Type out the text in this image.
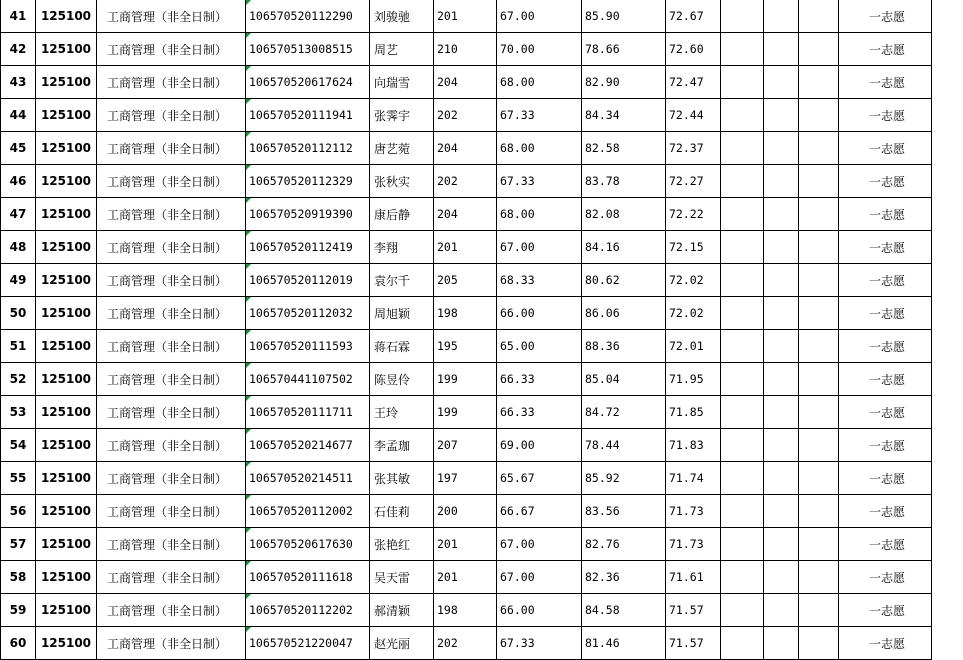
41	125100	工商管理（非全日制）	106570520112290	刘骏驰	201	67.00	85.90	72.67				一志愿
42	125100	工商管理（非全日制）	106570513008515	周艺	210	70.00	78.66	72.60				一志愿
43	125100	工商管理（非全日制）	106570520617624	向瑞雪	204	68.00	82.90	72.47				一志愿
44	125100	工商管理（非全日制）	106570520111941	张霁宇	202	67.33	84.34	72.44				一志愿
45	125100	工商管理（非全日制）	106570520112112	唐艺菀	204	68.00	82.58	72.37				一志愿
46	125100	工商管理（非全日制）	106570520112329	张秋实	202	67.33	83.78	72.27				一志愿
47	125100	工商管理（非全日制）	106570520919390	康后静	204	68.00	82.08	72.22				一志愿
48	125100	工商管理（非全日制）	106570520112419	李翔	201	67.00	84.16	72.15				一志愿
49	125100	工商管理（非全日制）	106570520112019	袁尔千	205	68.33	80.62	72.02				一志愿
50	125100	工商管理（非全日制）	106570520112032	周旭颖	198	66.00	86.06	72.02				一志愿
51	125100	工商管理（非全日制）	106570520111593	蒋石霖	195	65.00	88.36	72.01				一志愿
52	125100	工商管理（非全日制）	106570441107502	陈昱伶	199	66.33	85.04	71.95				一志愿
53	125100	工商管理（非全日制）	106570520111711	王玲	199	66.33	84.72	71.85				一志愿
54	125100	工商管理（非全日制）	106570520214677	李孟珈	207	69.00	78.44	71.83				一志愿
55	125100	工商管理（非全日制）	106570520214511	张其敏	197	65.67	85.92	71.74				一志愿
56	125100	工商管理（非全日制）	106570520112002	石佳莉	200	66.67	83.56	71.73				一志愿
57	125100	工商管理（非全日制）	106570520617630	张艳红	201	67.00	82.76	71.73				一志愿
58	125100	工商管理（非全日制）	106570520111618	吴天雷	201	67.00	82.36	71.61				一志愿
59	125100	工商管理（非全日制）	106570520112202	郝清颖	198	66.00	84.58	71.57				一志愿
60	125100	工商管理（非全日制）	106570521220047	赵光丽	202	67.33	81.46	71.57				一志愿
